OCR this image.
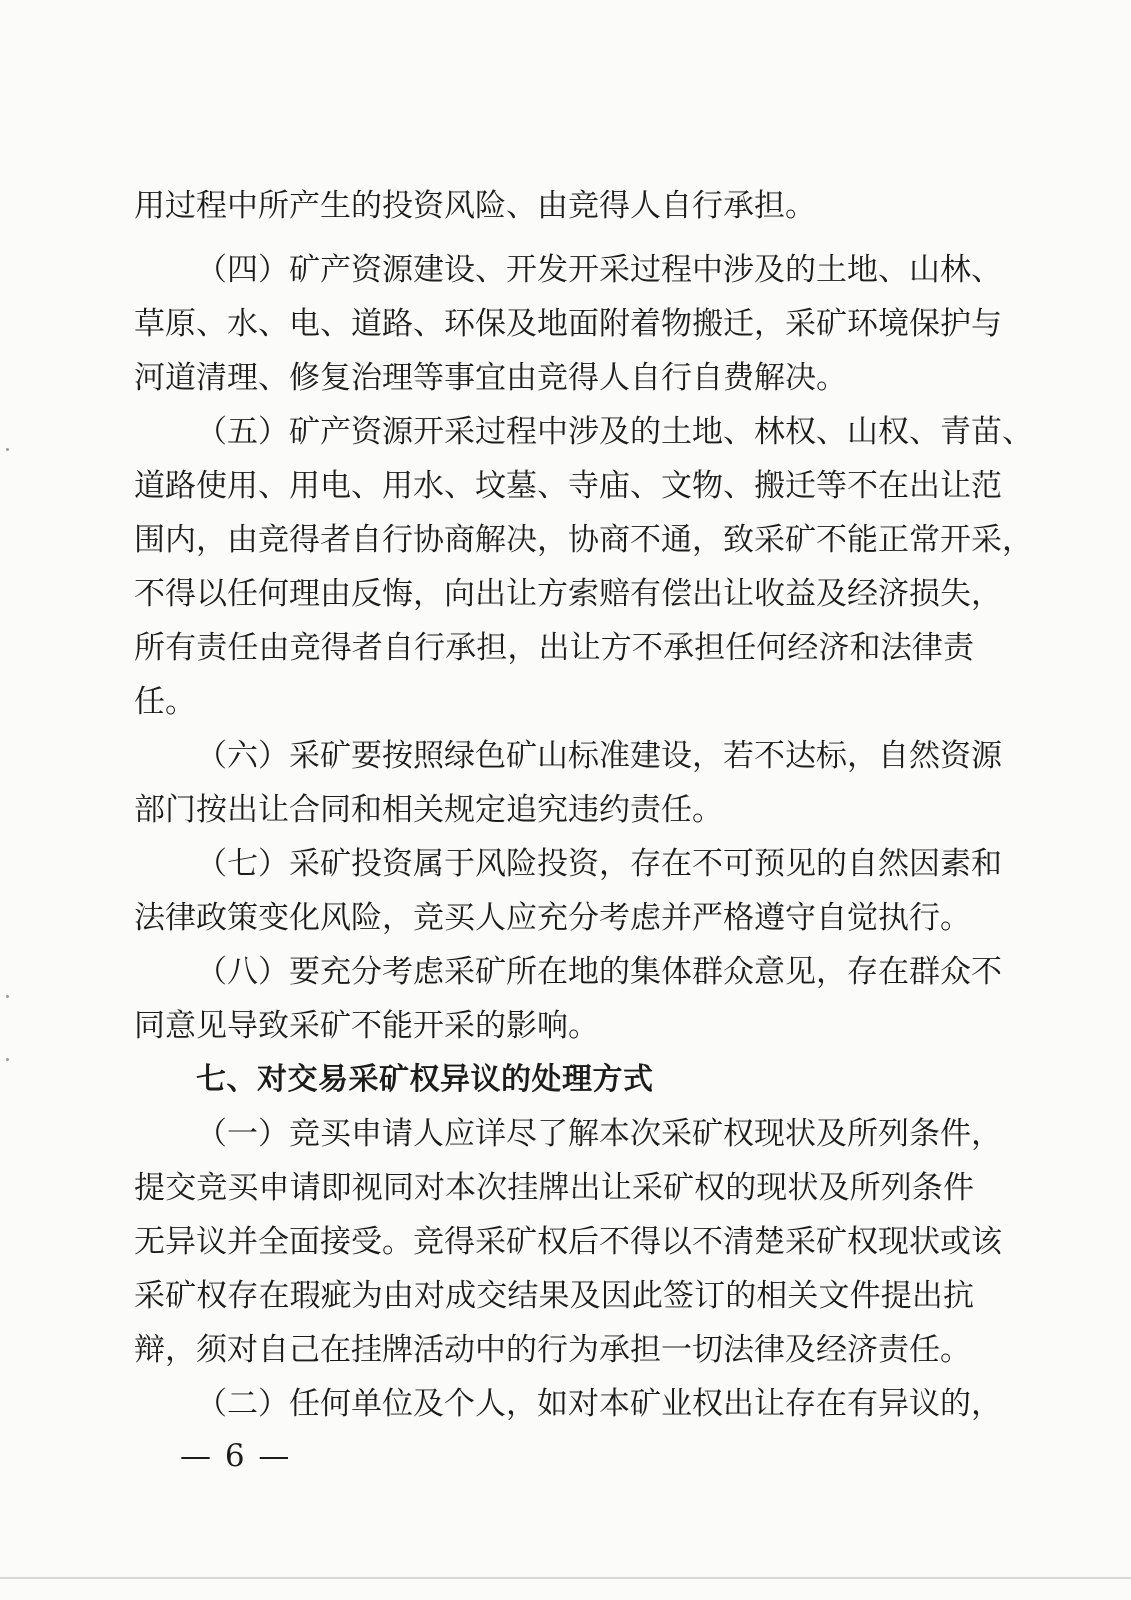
用过程中所产生的投资风险、由竞得人自行承担。
（四）矿产资源建设、开发开采过程中涉及的土地、山林、
草原、水、电、道路、环保及地面附着物搬迁，采矿环境保护与
河道清理、修复治理等事宜由竞得人自行自费解决。
（五）矿产资源开采过程中涉及的土地、林权、山权、青苗、
道路使用、用电、用水、坟墓、寺庙、文物、搬迁等不在出让范
围内，由竞得者自行协商解决，协商不通，致采矿不能正常开采，
不得以任何理由反悔，向出让方索赔有偿出让收益及经济损失，
所有责任由竞得者自行承担，出让方不承担任何经济和法律责
任。
（六）采矿要按照绿色矿山标准建设，若不达标，自然资源
部门按出让合同和相关规定追究违约责任。
（七）采矿投资属于风险投资，存在不可预见的自然因素和
法律政策变化风险，竞买人应充分考虑并严格遵守自觉执行。
（八）要充分考虑采矿所在地的集体群众意见，存在群众不
同意见导致采矿不能开采的影响。
七、对交易采矿权异议的处理方式
（一）竞买申请人应详尽了解本次采矿权现状及所列条件，
提交竞买申请即视同对本次挂牌出让采矿权的现状及所列条件
无异议并全面接受。竞得采矿权后不得以不清楚采矿权现状或该
采矿权存在瑕疵为由对成交结果及因此签订的相关文件提出抗
辩，须对自己在挂牌活动中的行为承担一切法律及经济责任。
（二）任何单位及个人，如对本矿业权出让存在有异议的，
— 6 —
